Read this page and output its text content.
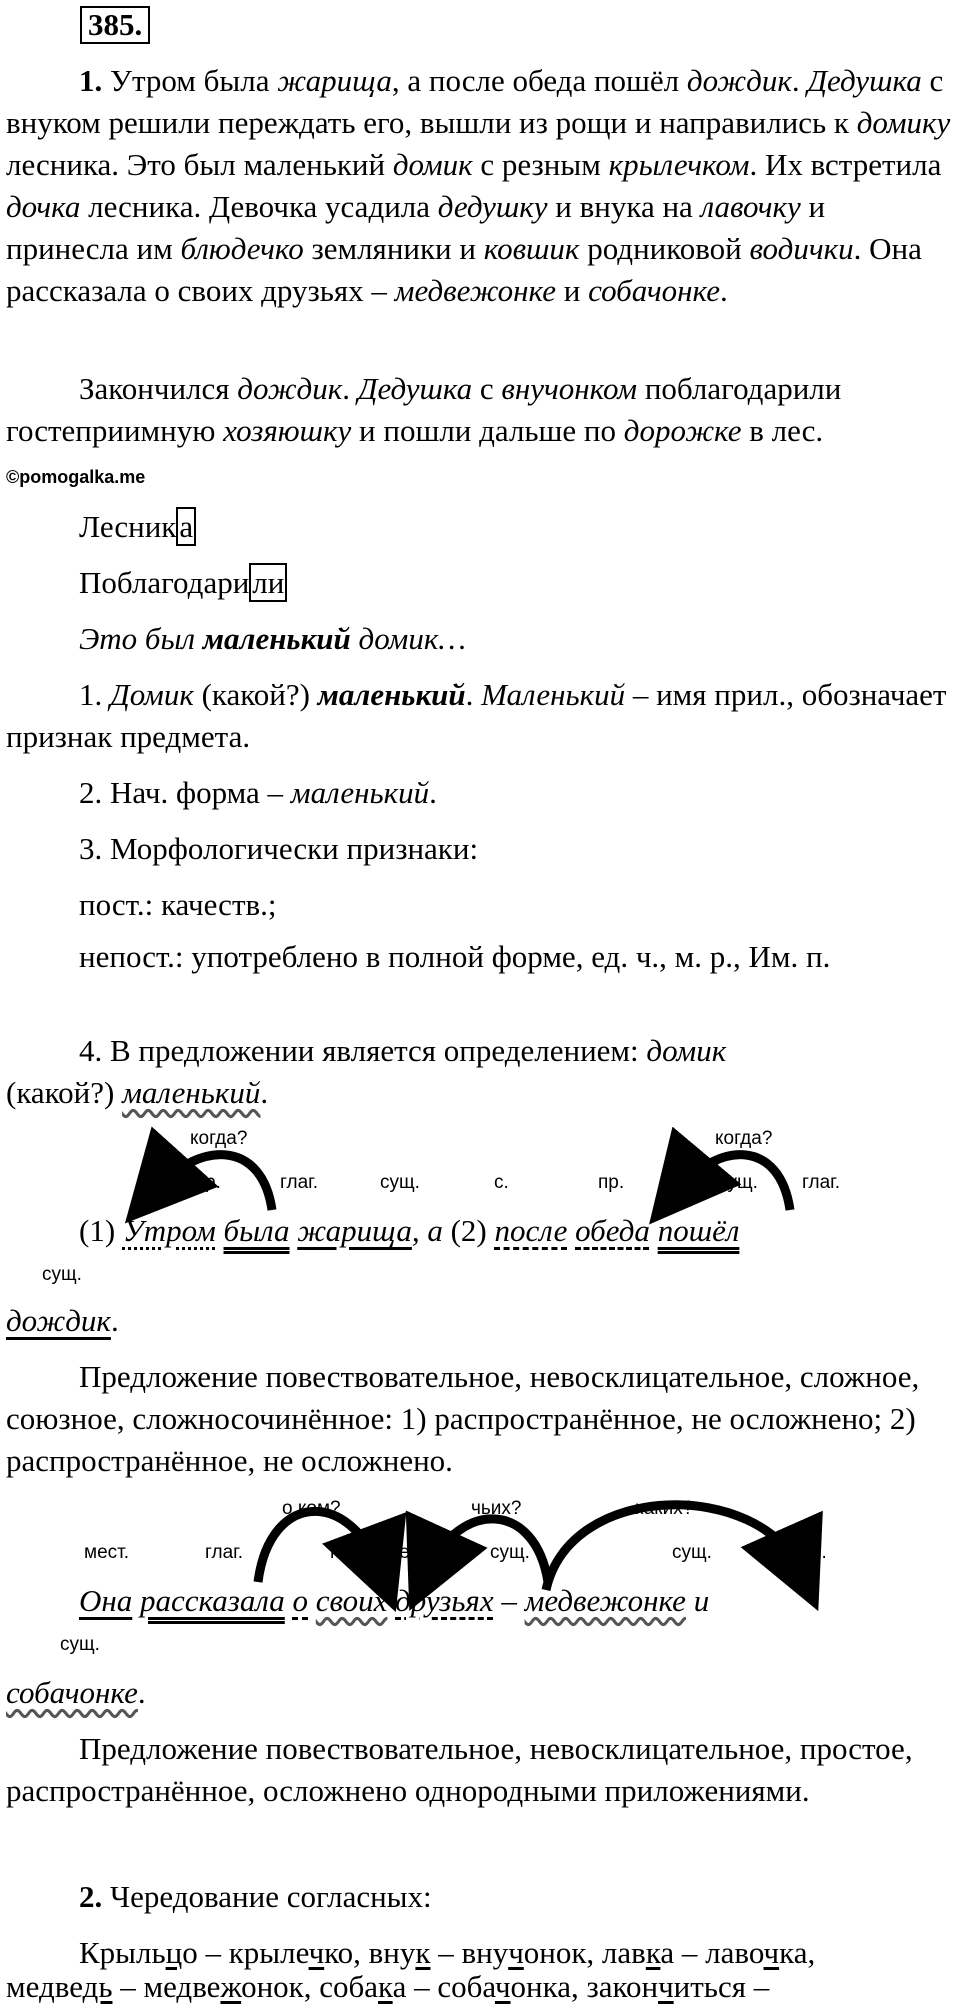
385.
1. Утром была жарища, а после обеда пошёл дождик. Дедушка с внуком решили переждать его, вышли из рощи и направились к домику лесника. Это был маленький домик с резным крылечком. Их встретила дочка лесника. Девочка усадила дедушку и внука на лавочку и принесла им блюдечко земляники и ковшик родниковой водички. Она рассказала о своих друзьях – медвежонке и собачонке.
Закончился дождик. Дедушка с внучонком поблагодарили гостеприимную хозяюшку и пошли дальше по дорожке в лес. ©pomogalka.me
Лесника
Поблагодарили
Это был маленький домик…
1. Домик (какой?) маленький. Маленький – имя прил., обозначает признак предмета.
2. Нач. форма – маленький.
3. Морфологически признаки:
пост.: качеств.;
непост.: употреблено в полной форме, ед. ч., м. р., Им. п.
4. В предложении является определением: домик
(какой?) маленький.
когда?	когда?
нар.	глаг.	сущ.	с.	пр.	сущ. глаг.
(1) Утром была жарища, а (2) после обеда пошёл
сущ.
дождик.
Предложение повествовательное, невосклицательное, сложное, союзное, сложносочинённое: 1) распространённое, не осложнено; 2) распространённое, не осложнено.
о ком?	чьих?	каких?
мест.	глаг.	пр. мест.	сущ.	сущ.	с.
Она рассказала о своих друзьях – медвежонке и
сущ.
собачонке.
Предложение повествовательное, невосклицательное, простое, распространённое, осложнено однородными приложениями.
2. Чередование согласных:
Крыльцо – крылечко, внук – внучонок, лавка – лавочка,
медведь – медвежонок, собака – собачонка, закончиться –
